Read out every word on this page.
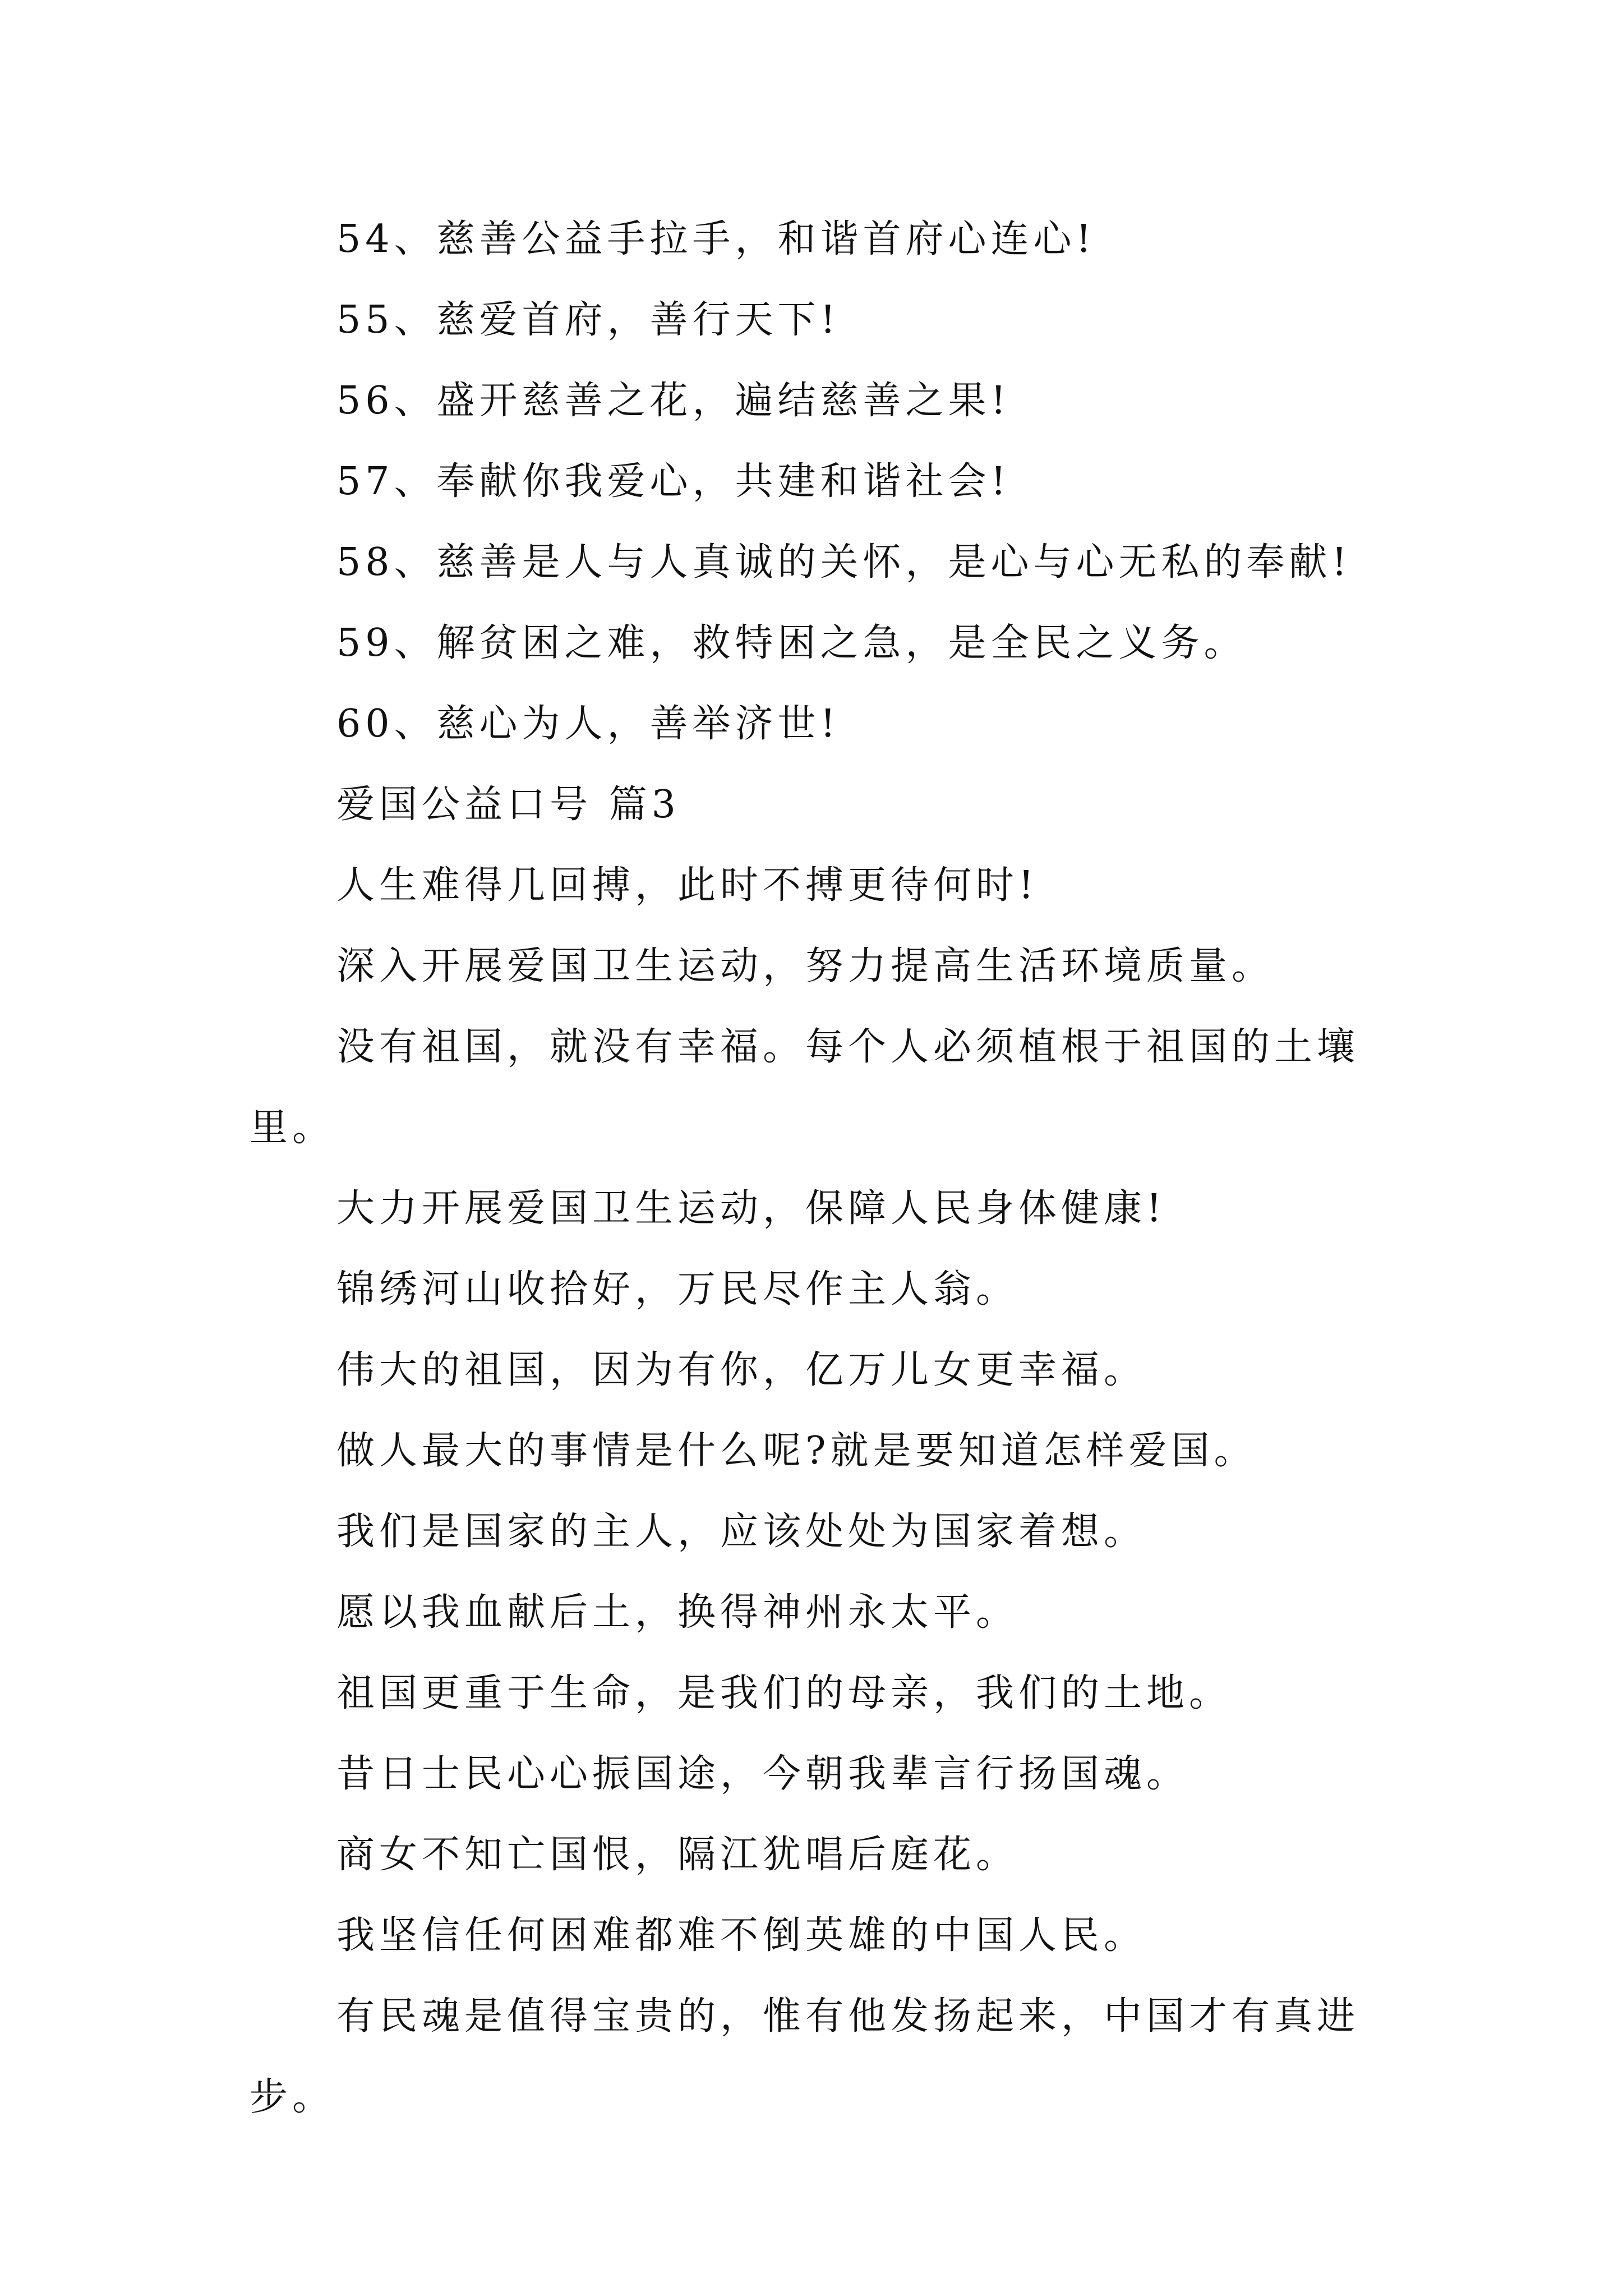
54、慈善公益手拉手，和谐首府心连心!
55、慈爱首府，善行天下!
56、盛开慈善之花，遍结慈善之果!
57、奉献你我爱心，共建和谐社会!
58、慈善是人与人真诚的关怀，是心与心无私的奉献!
59、解贫困之难，救特困之急，是全民之义务。
60、慈心为人，善举济世!
爱国公益口号 篇3
人生难得几回搏，此时不搏更待何时!
深入开展爱国卫生运动，努力提高生活环境质量。

没有祖国，就没有幸福。每个人必须植根于祖国的土壤里。

大力开展爱国卫生运动，保障人民身体健康!
锦绣河山收拾好，万民尽作主人翁。
伟大的祖国，因为有你，亿万儿女更幸福。
做人最大的事情是什么呢?就是要知道怎样爱国。
我们是国家的主人，应该处处为国家着想。
愿以我血献后土，换得神州永太平。
祖国更重于生命，是我们的母亲，我们的土地。
昔日士民心心振国途，今朝我辈言行扬国魂。
商女不知亡国恨，隔江犹唱后庭花。
我坚信任何困难都难不倒英雄的中国人民。

有民魂是值得宝贵的，惟有他发扬起来，中国才有真进步。
